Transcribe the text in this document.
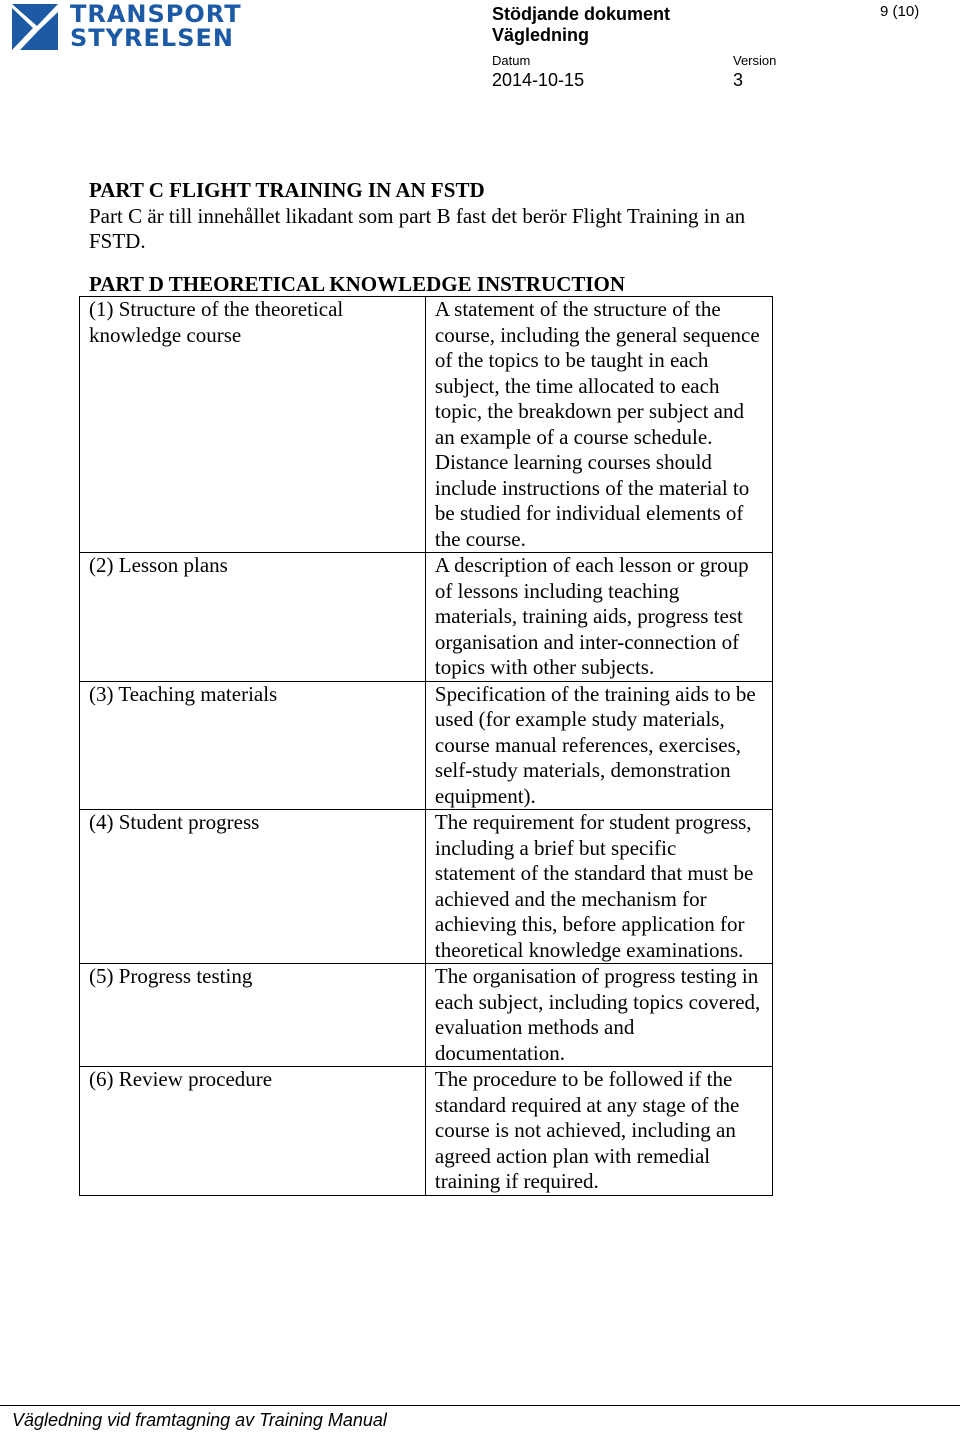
TRANSPORT
STYRELSEN
Stödjande dokument
Vägledning
9 (10)
Datum
2014-10-15
Version
3

PART C FLIGHT TRAINING IN AN FSTD

Part C är till innehållet likadant som part B fast det berör Flight Training in an FSTD.

PART D THEORETICAL KNOWLEDGE INSTRUCTION

(1) Structure of the theoretical knowledge course	A statement of the structure of the course, including the general sequence of the topics to be taught in each subject, the time allocated to each topic, the breakdown per subject and an example of a course schedule. Distance learning courses should include instructions of the material to be studied for individual elements of the course.
(2) Lesson plans	A description of each lesson or group of lessons including teaching materials, training aids, progress test organisation and inter-connection of topics with other subjects.
(3) Teaching materials	Specification of the training aids to be used (for example study materials, course manual references, exercises, self-study materials, demonstration equipment).
(4) Student progress	The requirement for student progress, including a brief but specific statement of the standard that must be achieved and the mechanism for achieving this, before application for theoretical knowledge examinations.
(5) Progress testing	The organisation of progress testing in each subject, including topics covered, evaluation methods and documentation.
(6) Review procedure	The procedure to be followed if the standard required at any stage of the course is not achieved, including an agreed action plan with remedial training if required.
Vägledning vid framtagning av Training Manual
